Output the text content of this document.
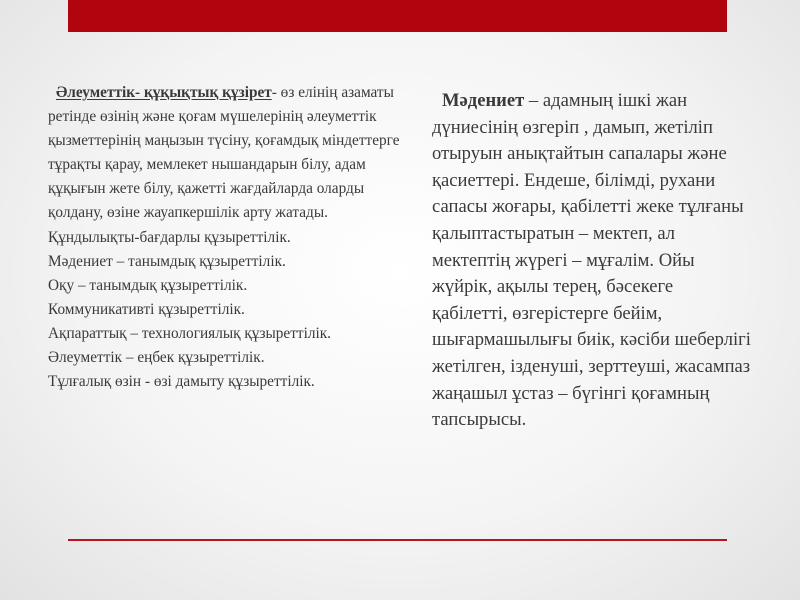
Әлеуметтік- құқықтық құзірет- өз елінің азаматы ретінде өзінің және қоғам мүшелерінің әлеуметтік қызметтерінің маңызын түсіну, қоғамдық міндеттерге тұрақты қарау, мемлекет нышандарын білу, адам құқығын жете білу, қажетті жағдайларда оларды қолдану, өзіне жауапкершілік арту жатады.

Құндылықты-бағдарлы құзыреттілік.

Мәдениет – танымдық құзыреттілік.

Оқу – танымдық құзыреттілік.

Коммуникативті құзыреттілік.

Ақпараттық – технологиялық құзыреттілік.

Әлеуметтік – еңбек құзыреттілік.

Тұлғалық өзін - өзі дамыту құзыреттілік.

Мәдениет – адамның ішкі жан дүниесінің өзгеріп , дамып, жетіліп отыруын анықтайтын сапалары және қасиеттері. Ендеше, білімді, рухани сапасы жоғары, қабілетті жеке тұлғаны қалыптастыратын – мектеп, ал мектептің жүрегі – мұғалім. Ойы жүйрік, ақылы терең, бәсекеге қабілетті, өзгерістерге бейім, шығармашылығы биік, кәсіби шеберлігі жетілген, ізденуші, зерттеуші, жасампаз жаңашыл ұстаз – бүгінгі қоғамның тапсырысы.
